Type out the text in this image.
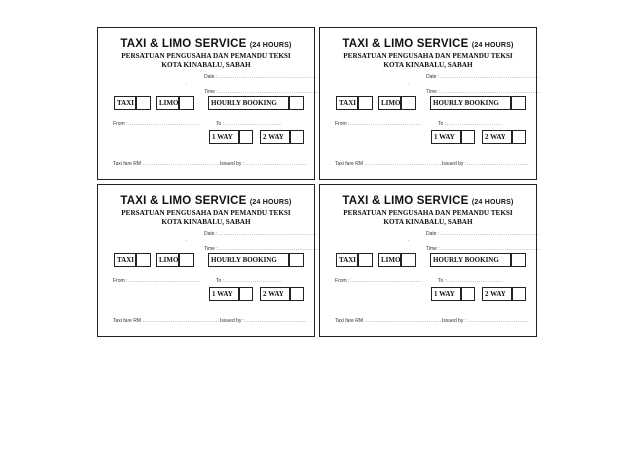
TAXI & LIMO SERVICE (24 HOURS)
PERSATUAN PENGUSAHA DAN PEMANDU TEKSI
KOTA KINABALU, SABAH
Date :.....................................................
.
Time :.....................................................
TAXI	LIMO	HOURLY BOOKING
From :......................................	To :..............................
1 WAY	2 WAY
Taxi fare RM ..........................................
Issued by :.................................
TAXI & LIMO SERVICE (24 HOURS)
PERSATUAN PENGUSAHA DAN PEMANDU TEKSI
KOTA KINABALU, SABAH
Date :.....................................................
.
Time :.....................................................
TAXI	LIMO	HOURLY BOOKING
From :......................................	To :..............................
1 WAY	2 WAY
Taxi fare RM ..........................................
Issued by :.................................
TAXI & LIMO SERVICE (24 HOURS)
PERSATUAN PENGUSAHA DAN PEMANDU TEKSI
KOTA KINABALU, SABAH
Date :.....................................................
.
Time :.....................................................
TAXI	LIMO	HOURLY BOOKING
From :......................................	To :..............................
1 WAY	2 WAY
Taxi fare RM ..........................................
Issued by :.................................
TAXI & LIMO SERVICE (24 HOURS)
PERSATUAN PENGUSAHA DAN PEMANDU TEKSI
KOTA KINABALU, SABAH
Date :.....................................................
.
Time :.....................................................
TAXI	LIMO	HOURLY BOOKING
From :......................................	To :..............................
1 WAY	2 WAY
Taxi fare RM ..........................................
Issued by :.................................
